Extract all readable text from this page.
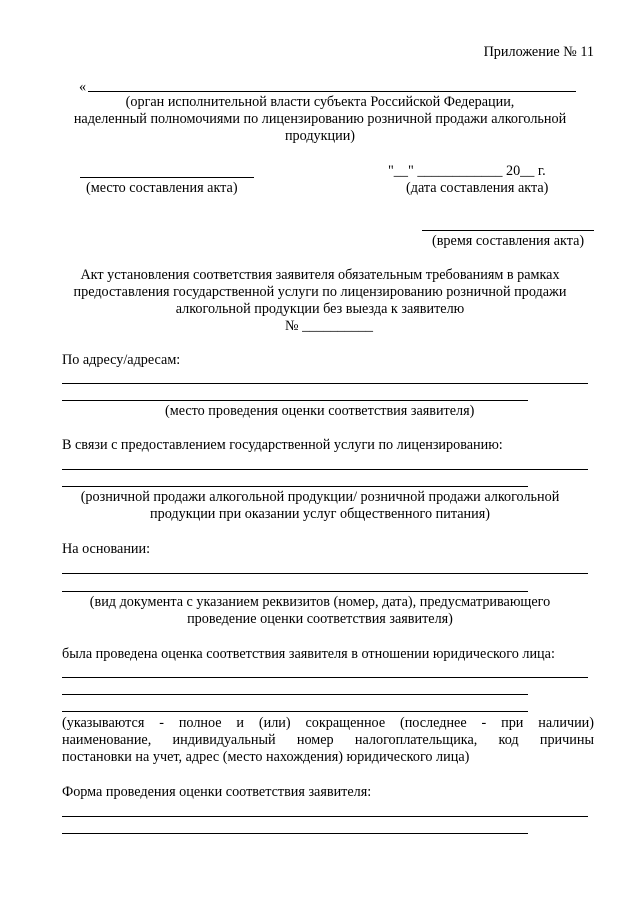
Приложение № 11
«
(орган исполнительной власти субъекта Российской Федерации,
наделенный полномочиями по лицензированию розничной продажи алкогольной
продукции)
(место составления акта)
"__" ____________ 20__ г.
(дата составления акта)
(время составления акта)
Акт установления соответствия заявителя обязательным требованиям в рамках
предоставления государственной услуги по лицензированию розничной продажи
алкогольной продукции без выезда к заявителю
№ __________
По адресу/адресам:
(место проведения оценки соответствия заявителя)
В связи с предоставлением государственной услуги по лицензированию:
(розничной продажи алкогольной продукции/ розничной продажи алкогольной
продукции при оказании услуг общественного питания)
На основании:
(вид документа с указанием реквизитов (номер, дата), предусматривающего
проведение оценки соответствия заявителя)
была проведена оценка соответствия заявителя в отношении юридического лица:
(указываются - полное и (или) сокращенное (последнее - при наличии)
наименование, индивидуальный номер налогоплательщика, код причины
постановки на учет, адрес (место нахождения) юридического лица)
Форма проведения оценки соответствия заявителя:
